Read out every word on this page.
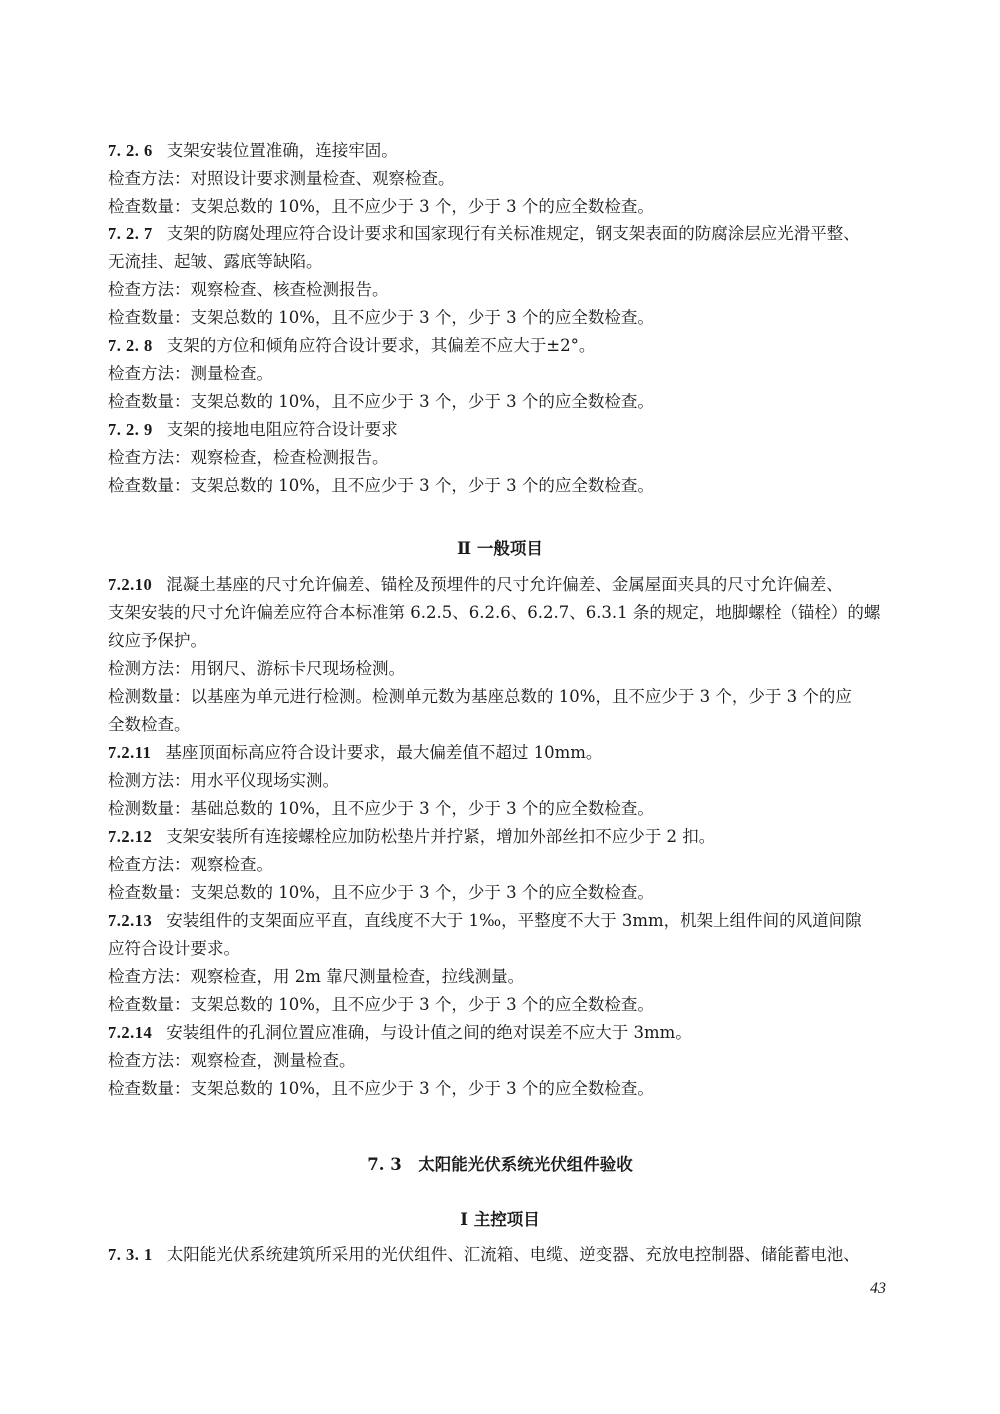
7. 2. 6 支架安装位置准确，连接牢固。
检查方法：对照设计要求测量检查、观察检查。
检查数量：支架总数的 10%，且不应少于 3 个，少于 3 个的应全数检查。
7. 2. 7 支架的防腐处理应符合设计要求和国家现行有关标准规定，钢支架表面的防腐涂层应光滑平整、
无流挂、起皱、露底等缺陷。
检查方法：观察检查、核查检测报告。
检查数量：支架总数的 10%，且不应少于 3 个，少于 3 个的应全数检查。
7. 2. 8 支架的方位和倾角应符合设计要求，其偏差不应大于±2°。
检查方法：测量检查。
检查数量：支架总数的 10%，且不应少于 3 个，少于 3 个的应全数检查。
7. 2. 9 支架的接地电阻应符合设计要求
检查方法：观察检查，检查检测报告。
检查数量：支架总数的 10%，且不应少于 3 个，少于 3 个的应全数检查。
Ⅱ 一般项目
7.2.10 混凝土基座的尺寸允许偏差、锚栓及预埋件的尺寸允许偏差、金属屋面夹具的尺寸允许偏差、
支架安装的尺寸允许偏差应符合本标准第 6.2.5、6.2.6、6.2.7、6.3.1 条的规定，地脚螺栓（锚栓）的螺
纹应予保护。
检测方法：用钢尺、游标卡尺现场检测。
检测数量：以基座为单元进行检测。检测单元数为基座总数的 10%，且不应少于 3 个，少于 3 个的应
全数检查。
7.2.11 基座顶面标高应符合设计要求，最大偏差值不超过 10mm。
检测方法：用水平仪现场实测。
检测数量：基础总数的 10%，且不应少于 3 个，少于 3 个的应全数检查。
7.2.12 支架安装所有连接螺栓应加防松垫片并拧紧，增加外部丝扣不应少于 2 扣。
检查方法：观察检查。
检查数量：支架总数的 10%，且不应少于 3 个，少于 3 个的应全数检查。
7.2.13 安装组件的支架面应平直，直线度不大于 1‰，平整度不大于 3mm，机架上组件间的风道间隙
应符合设计要求。
检查方法：观察检查，用 2m 靠尺测量检查，拉线测量。
检查数量：支架总数的 10%，且不应少于 3 个，少于 3 个的应全数检查。
7.2.14 安装组件的孔洞位置应准确，与设计值之间的绝对误差不应大于 3mm。
检查方法：观察检查，测量检查。
检查数量：支架总数的 10%，且不应少于 3 个，少于 3 个的应全数检查。
7. 3　太阳能光伏系统光伏组件验收
Ⅰ 主控项目
7. 3. 1 太阳能光伏系统建筑所采用的光伏组件、汇流箱、电缆、逆变器、充放电控制器、储能蓄电池、
43
